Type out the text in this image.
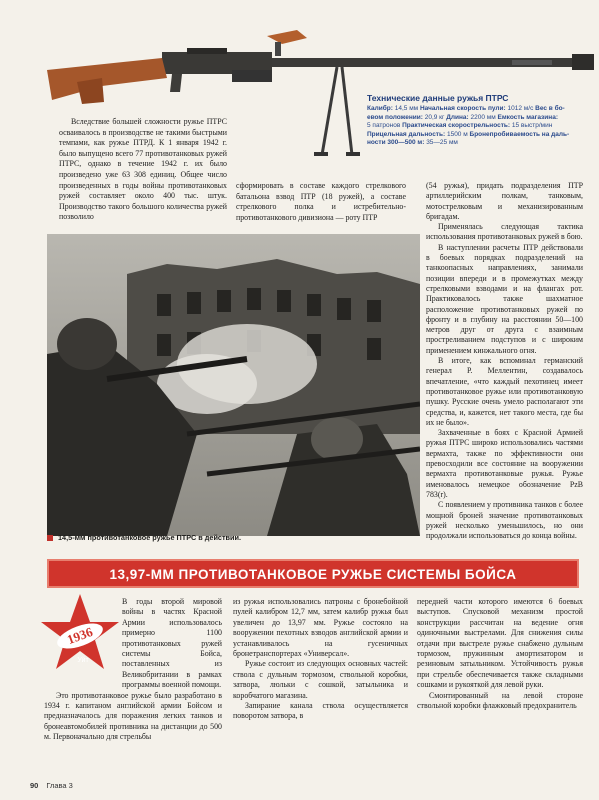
Технические данные ружья ПТРС

Калибр: 14,5 мм Начальная скорость пули: 1012 м/с Вес в бо-
евом положении: 20,9 кг Длина: 2200 мм Емкость магазина:
5 патронов Практическая скорострельность: 15 выстр/мин
Прицельная дальность: 1500 м Бронепробиваемость на даль-
ности 300—500 м: 35—25 мм

Вследствие большей сложности ружье ПТРС осваивалось в производстве не такими быстрыми темпами, как ружье ПТРД. К 1 января 1942 г. было выпущено всего 77 противотанковых ружей ПТРС, однако в течение 1942 г. их было произведено уже 63 308 единиц. Общее число произведенных в годы войны противотанковых ружей составляет около 400 тыс. штук. Производство такого большого количества ружей позволило

сформировать в составе каждого стрелкового батальона взвод ПТР (18 ружей), а составе стрелкового полка и истребительно-противотанкового дивизиона — роту ПТР

(54 ружья), придать подразделения ПТР артиллерийским полкам, танковым, мотострелковым и механизированным бригадам.

Применялась следующая тактика использования противотанковых ружей в бою.

В наступлении расчеты ПТР действовали в боевых порядках подразделений на танкоопасных направлениях, занимали позиции впереди и в промежутках между стрелковыми взводами и на флангах рот. Практиковалось также шахматное расположение противотанковых ружей по фронту и в глубину на расстоянии 50—100 метров друг от друга с взаимным простреливанием подступов и с широким применением кинжального огня.

В итоге, как вспоминал германский генерал Р. Меллентин, создавалось впечатление, «что каждый пехотинец имеет противотанковое ружье или противотанковую пушку. Русские очень умело располагают эти средства, и, кажется, нет такого места, где бы их не было».

Захваченные в боях с Красной Армией ружья ПТРС широко использовались частями вермахта, также по эффективности они превосходили все состояние на вооружении вермахта противотанковые ружья. Ружье именовалось немецкое обозначение PzB 783(r).

С появлением у противника танков с более мощной броней значение противотанковых ружей несколько уменьшилось, но они продолжали использоваться до конца войны.

14,5-мм противотанковое ружье ПТРС в действии.
13,97-ММ ПРОТИВОТАНКОВОЕ РУЖЬЕ СИСТЕМЫ БОЙСА
1936
Уйт

В годы второй мировой войны в частях Красной Армии использовалось примерно 1100 противотанковых ружей системы Бойса, поставленных из Великобритании в рамках программы военной помощи.

Это противотанковое ружье было разработано в 1934 г. капитаном английской армии Бойсом и предназначалось для поражения легких танков и бронеавтомобилей противника на дистанции до 500 м. Первоначально для стрельбы

из ружья использовались патроны с бронебойной пулей калибром 12,7 мм, затем калибр ружья был увеличен до 13,97 мм. Ружье состояло на вооружении пехотных взводов английской армии и устанавливалось на гусеничных бронетранспортерах «Универсал».

Ружье состоит из следующих основных частей: ствола с дульным тормозом, ствольной коробки, затвора, люльки с сошкой, затыльника и коробчатого магазина.

Запирание канала ствола осуществляется поворотом затвора, в

передней части которого имеются 6 боевых выступов. Спусковой механизм простой конструкции рассчитан на ведение огня одиночными выстрелами. Для снижения силы отдачи при выстреле ружье снабжено дульным тормозом, пружинным амортизатором и резиновым затыльником. Устойчивость ружья при стрельбе обеспечивается также складными сошками и рукояткой для левой руки.

Смонтированный на левой стороне ствольной коробки флажковый предохранитель

90 Глава 3
